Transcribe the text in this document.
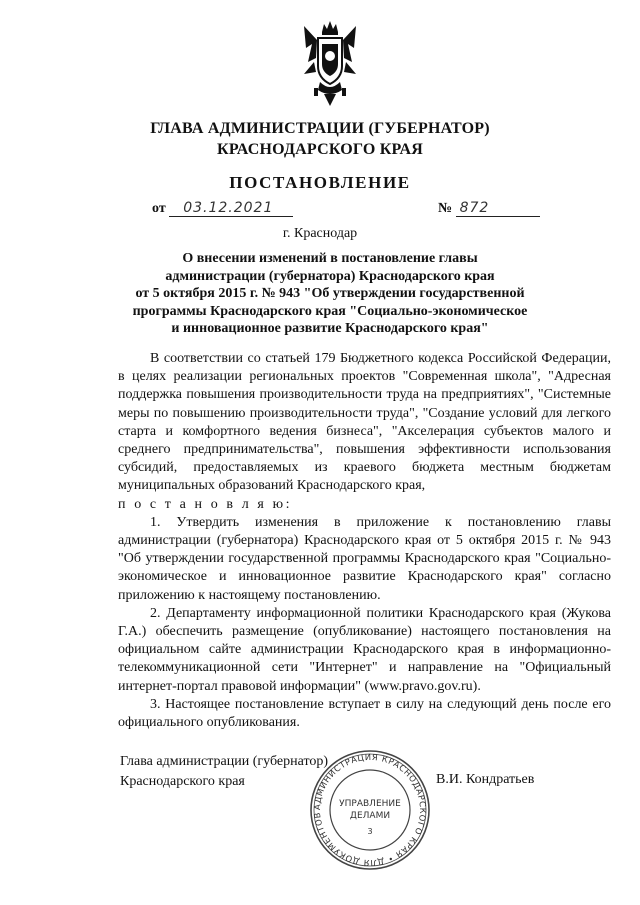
ГЛАВА АДМИНИСТРАЦИИ (ГУБЕРНАТОР)
КРАСНОДАРСКОГО КРАЯ
ПОСТАНОВЛЕНИЕ
от 03.12.2021	№ 872
г. Краснодар
О внесении изменений в постановление главы
администрации (губернатора) Краснодарского края
от 5 октября 2015 г. № 943 "Об утверждении государственной
программы Краснодарского края "Социально-экономическое
и инновационное развитие Краснодарского края"

В соответствии со статьей 179 Бюджетного кодекса Российской Федерации, в целях реализации региональных проектов "Современная школа", "Адресная поддержка повышения производительности труда на предприятиях", "Системные меры по повышению производительности труда", "Создание условий для легкого старта и комфортного ведения бизнеса", "Акселерация субъектов малого и среднего предпринимательства", повышения эффективности использования субсидий, предоставляемых из краевого бюджета местным бюджетам муниципальных образований Краснодарского края,

п о с т а н о в л я ю:

1. Утвердить изменения в приложение к постановлению главы администрации (губернатора) Краснодарского края от 5 октября 2015 г. № 943 "Об утверждении государственной программы Краснодарского края "Социально-экономическое и инновационное развитие Краснодарского края" согласно приложению к настоящему постановлению.

2. Департаменту информационной политики Краснодарского края (Жукова Г.А.) обеспечить размещение (опубликование) настоящего постановления на официальном сайте администрации Краснодарского края в информационно-телекоммуникационной сети "Интернет" и направление на "Официальный интернет-портал правовой информации" (www.pravo.gov.ru).

3. Настоящее постановление вступает в силу на следующий день после его официального опубликования.

Глава администрации (губернатор)
Краснодарского края	В.И. Кондратьев
АДМИНИСТРАЦИЯ КРАСНОДАРСКОГО КРАЯ • ДЛЯ ДОКУМЕНТОВ
УПРАВЛЕНИЕ
ДЕЛАМИ
3
